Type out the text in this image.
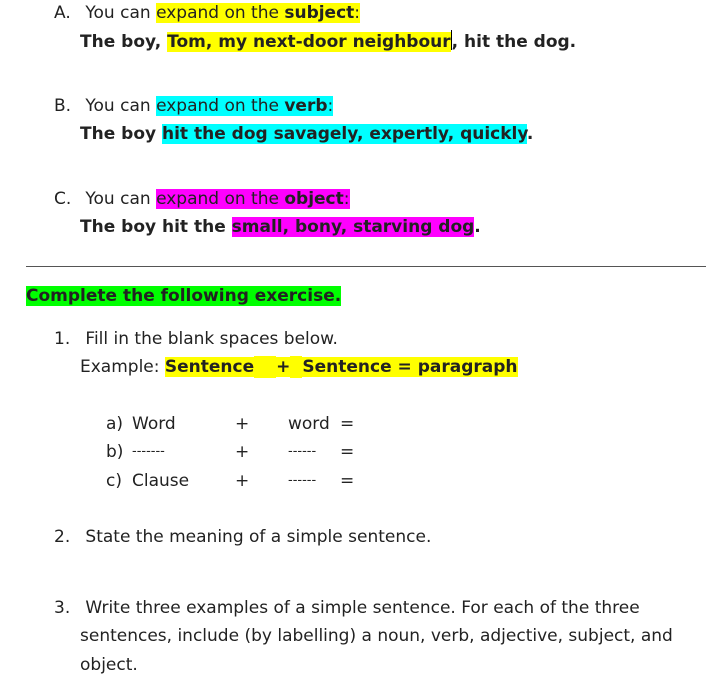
A. You can expand on the subject:
The boy, Tom, my next-door neighbour, hit the dog.
B. You can expand on the verb:
The boy hit the dog savagely, expertly, quickly.
C. You can expand on the object:
The boy hit the small, bony, starving dog.
Complete the following exercise.
1. Fill in the blank spaces below.
Example: Sentence + Sentence = paragraph
a) Word	+ word =
b) -------	+	------ =
c) Clause	+	------ =
2. State the meaning of a simple sentence.
3. Write three examples of a simple sentence. For each of the three
sentences, include (by labelling) a noun, verb, adjective, subject, and
object.
